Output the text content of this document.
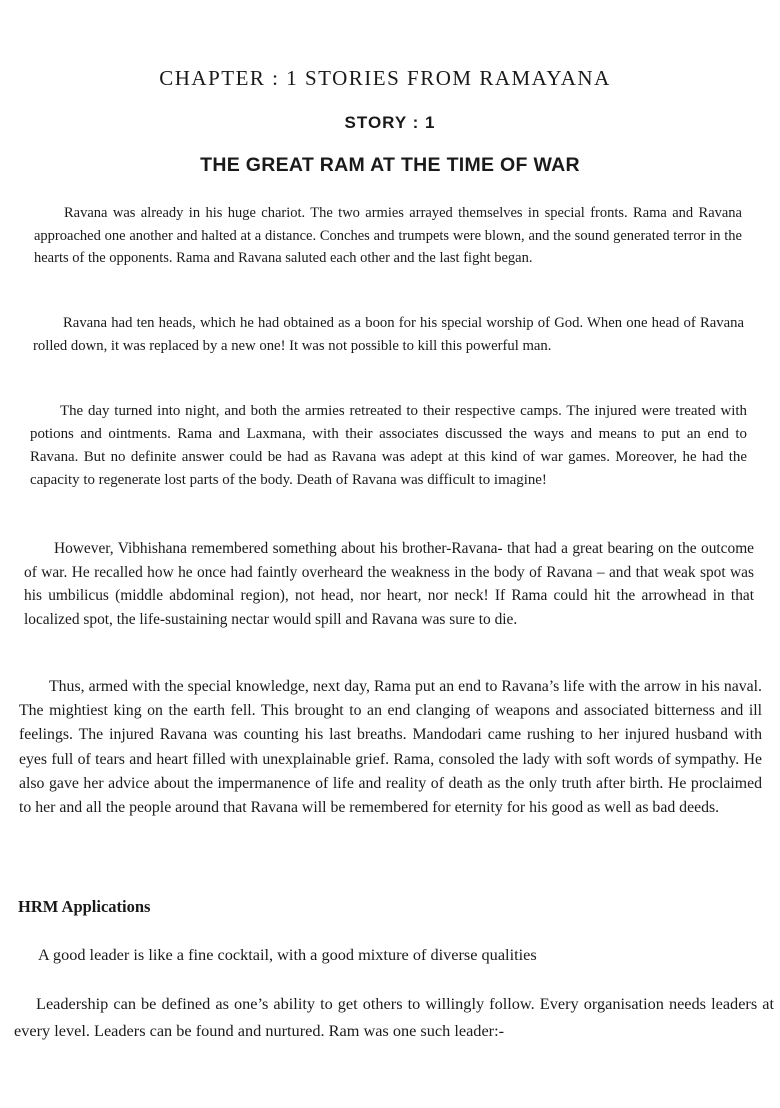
CHAPTER : 1 STORIES FROM RAMAYANA
STORY : 1
THE GREAT RAM AT THE TIME OF WAR

Ravana was already in his huge chariot. The two armies arrayed themselves in special fronts. Rama and Ravana approached one another and halted at a distance. Conches and trumpets were blown, and the sound generated terror in the hearts of the opponents. Rama and Ravana saluted each other and the last fight began.

Ravana had ten heads, which he had obtained as a boon for his special worship of God. When one head of Ravana rolled down, it was replaced by a new one! It was not possible to kill this powerful man.

The day turned into night, and both the armies retreated to their respective camps. The injured were treated with potions and ointments. Rama and Laxmana, with their associates discussed the ways and means to put an end to Ravana. But no definite answer could be had as Ravana was adept at this kind of war games. Moreover, he had the capacity to regenerate lost parts of the body. Death of Ravana was difficult to imagine!

However, Vibhishana remembered something about his brother-Ravana- that had a great bearing on the outcome of war. He recalled how he once had faintly overheard the weakness in the body of Ravana – and that weak spot was his umbilicus (middle abdominal region), not head, nor heart, nor neck! If Rama could hit the arrowhead in that localized spot, the life-sustaining nectar would spill and Ravana was sure to die.

Thus, armed with the special knowledge, next day, Rama put an end to Ravana’s life with the arrow in his naval. The mightiest king on the earth fell. This brought to an end clanging of weapons and associated bitterness and ill feelings. The injured Ravana was counting his last breaths. Mandodari came rushing to her injured husband with eyes full of tears and heart filled with unexplainable grief. Rama, consoled the lady with soft words of sympathy. He also gave her advice about the impermanence of life and reality of death as the only truth after birth. He proclaimed to her and all the people around that Ravana will be remembered for eternity for his good as well as bad deeds.

HRM Applications

A good leader is like a fine cocktail, with a good mixture of diverse qualities

Leadership can be defined as one’s ability to get others to willingly follow. Every organisation needs leaders at every level. Leaders can be found and nurtured. Ram was one such leader:-
